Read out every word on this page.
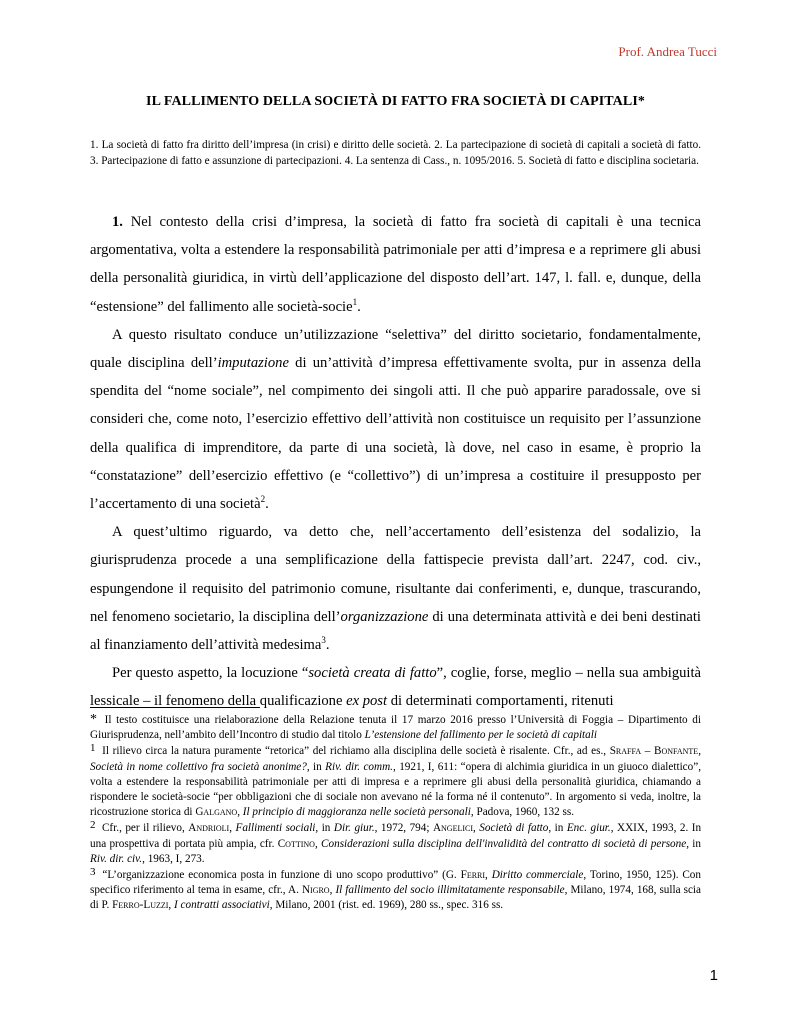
Prof. Andrea Tucci
IL FALLIMENTO DELLA SOCIETÀ DI FATTO FRA SOCIETÀ DI CAPITALI*
1. La società di fatto fra diritto dell’impresa (in crisi) e diritto delle società. 2. La partecipazione di società di capitali a società di fatto. 3. Partecipazione di fatto e assunzione di partecipazioni. 4. La sentenza di Cass., n. 1095/2016. 5. Società di fatto e disciplina societaria.

1. Nel contesto della crisi d’impresa, la società di fatto fra società di capitali è una tecnica argomentativa, volta a estendere la responsabilità patrimoniale per atti d’impresa e a reprimere gli abusi della personalità giuridica, in virtù dell’applicazione del disposto dell’art. 147, l. fall. e, dunque, della “estensione” del fallimento alle società-socie$^1$.

A questo risultato conduce un’utilizzazione “selettiva” del diritto societario, fondamentalmente, quale disciplina dell’imputazione di un’attività d’impresa effettivamente svolta, pur in assenza della spendita del “nome sociale”, nel compimento dei singoli atti. Il che può apparire paradossale, ove si consideri che, come noto, l’esercizio effettivo dell’attività non costituisce un requisito per l’assunzione della qualifica di imprenditore, da parte di una società, là dove, nel caso in esame, è proprio la “constatazione” dell’esercizio effettivo (e “collettivo”) di un’impresa a costituire il presupposto per l’accertamento di una società$^2$.

A quest’ultimo riguardo, va detto che, nell’accertamento dell’esistenza del sodalizio, la giurisprudenza procede a una semplificazione della fattispecie prevista dall’art. 2247, cod. civ., espungendone il requisito del patrimonio comune, risultante dai conferimenti, e, dunque, trascurando, nel fenomeno societario, la disciplina dell’organizzazione di una determinata attività e dei beni destinati al finanziamento dell’attività medesima$^3$.

Per questo aspetto, la locuzione “società creata di fatto”, coglie, forse, meglio – nella sua ambiguità lessicale – il fenomeno della qualificazione ex post di determinati comportamenti, ritenuti

* Il testo costituisce una rielaborazione della Relazione tenuta il 17 marzo 2016 presso l’Università di Foggia – Dipartimento di Giurisprudenza, nell’ambito dell’Incontro di studio dal titolo L’estensione del fallimento per le società di capitali

1 Il rilievo circa la natura puramente “retorica” del richiamo alla disciplina delle società è risalente. Cfr., ad es., Sraffa – Bonfante, Società in nome collettivo fra società anonime?, in Riv. dir. comm., 1921, I, 611: “opera di alchimia giuridica in un giuoco dialettico”, volta a estendere la responsabilità patrimoniale per atti di impresa e a reprimere gli abusi della personalità giuridica, chiamando a rispondere le società-socie “per obbligazioni che di sociale non avevano né la forma né il contenuto”. In argomento si veda, inoltre, la ricostruzione storica di Galgano, Il principio di maggioranza nelle società personali, Padova, 1960, 132 ss.

2 Cfr., per il rilievo, Andrioli, Fallimenti sociali, in Dir. giur., 1972, 794; Angelici, Società di fatto, in Enc. giur., XXIX, 1993, 2. In una prospettiva di portata più ampia, cfr. Cottino, Considerazioni sulla disciplina dell'invalidità del contratto di società di persone, in Riv. dir. civ., 1963, I, 273.

3 “L’organizzazione economica posta in funzione di uno scopo produttivo” (G. Ferri, Diritto commerciale, Torino, 1950, 125). Con specifico riferimento al tema in esame, cfr., A. Nigro, Il fallimento del socio illimitatamente responsabile, Milano, 1974, 168, sulla scia di P. Ferro-Luzzi, I contratti associativi, Milano, 2001 (rist. ed. 1969), 280 ss., spec. 316 ss.

1
